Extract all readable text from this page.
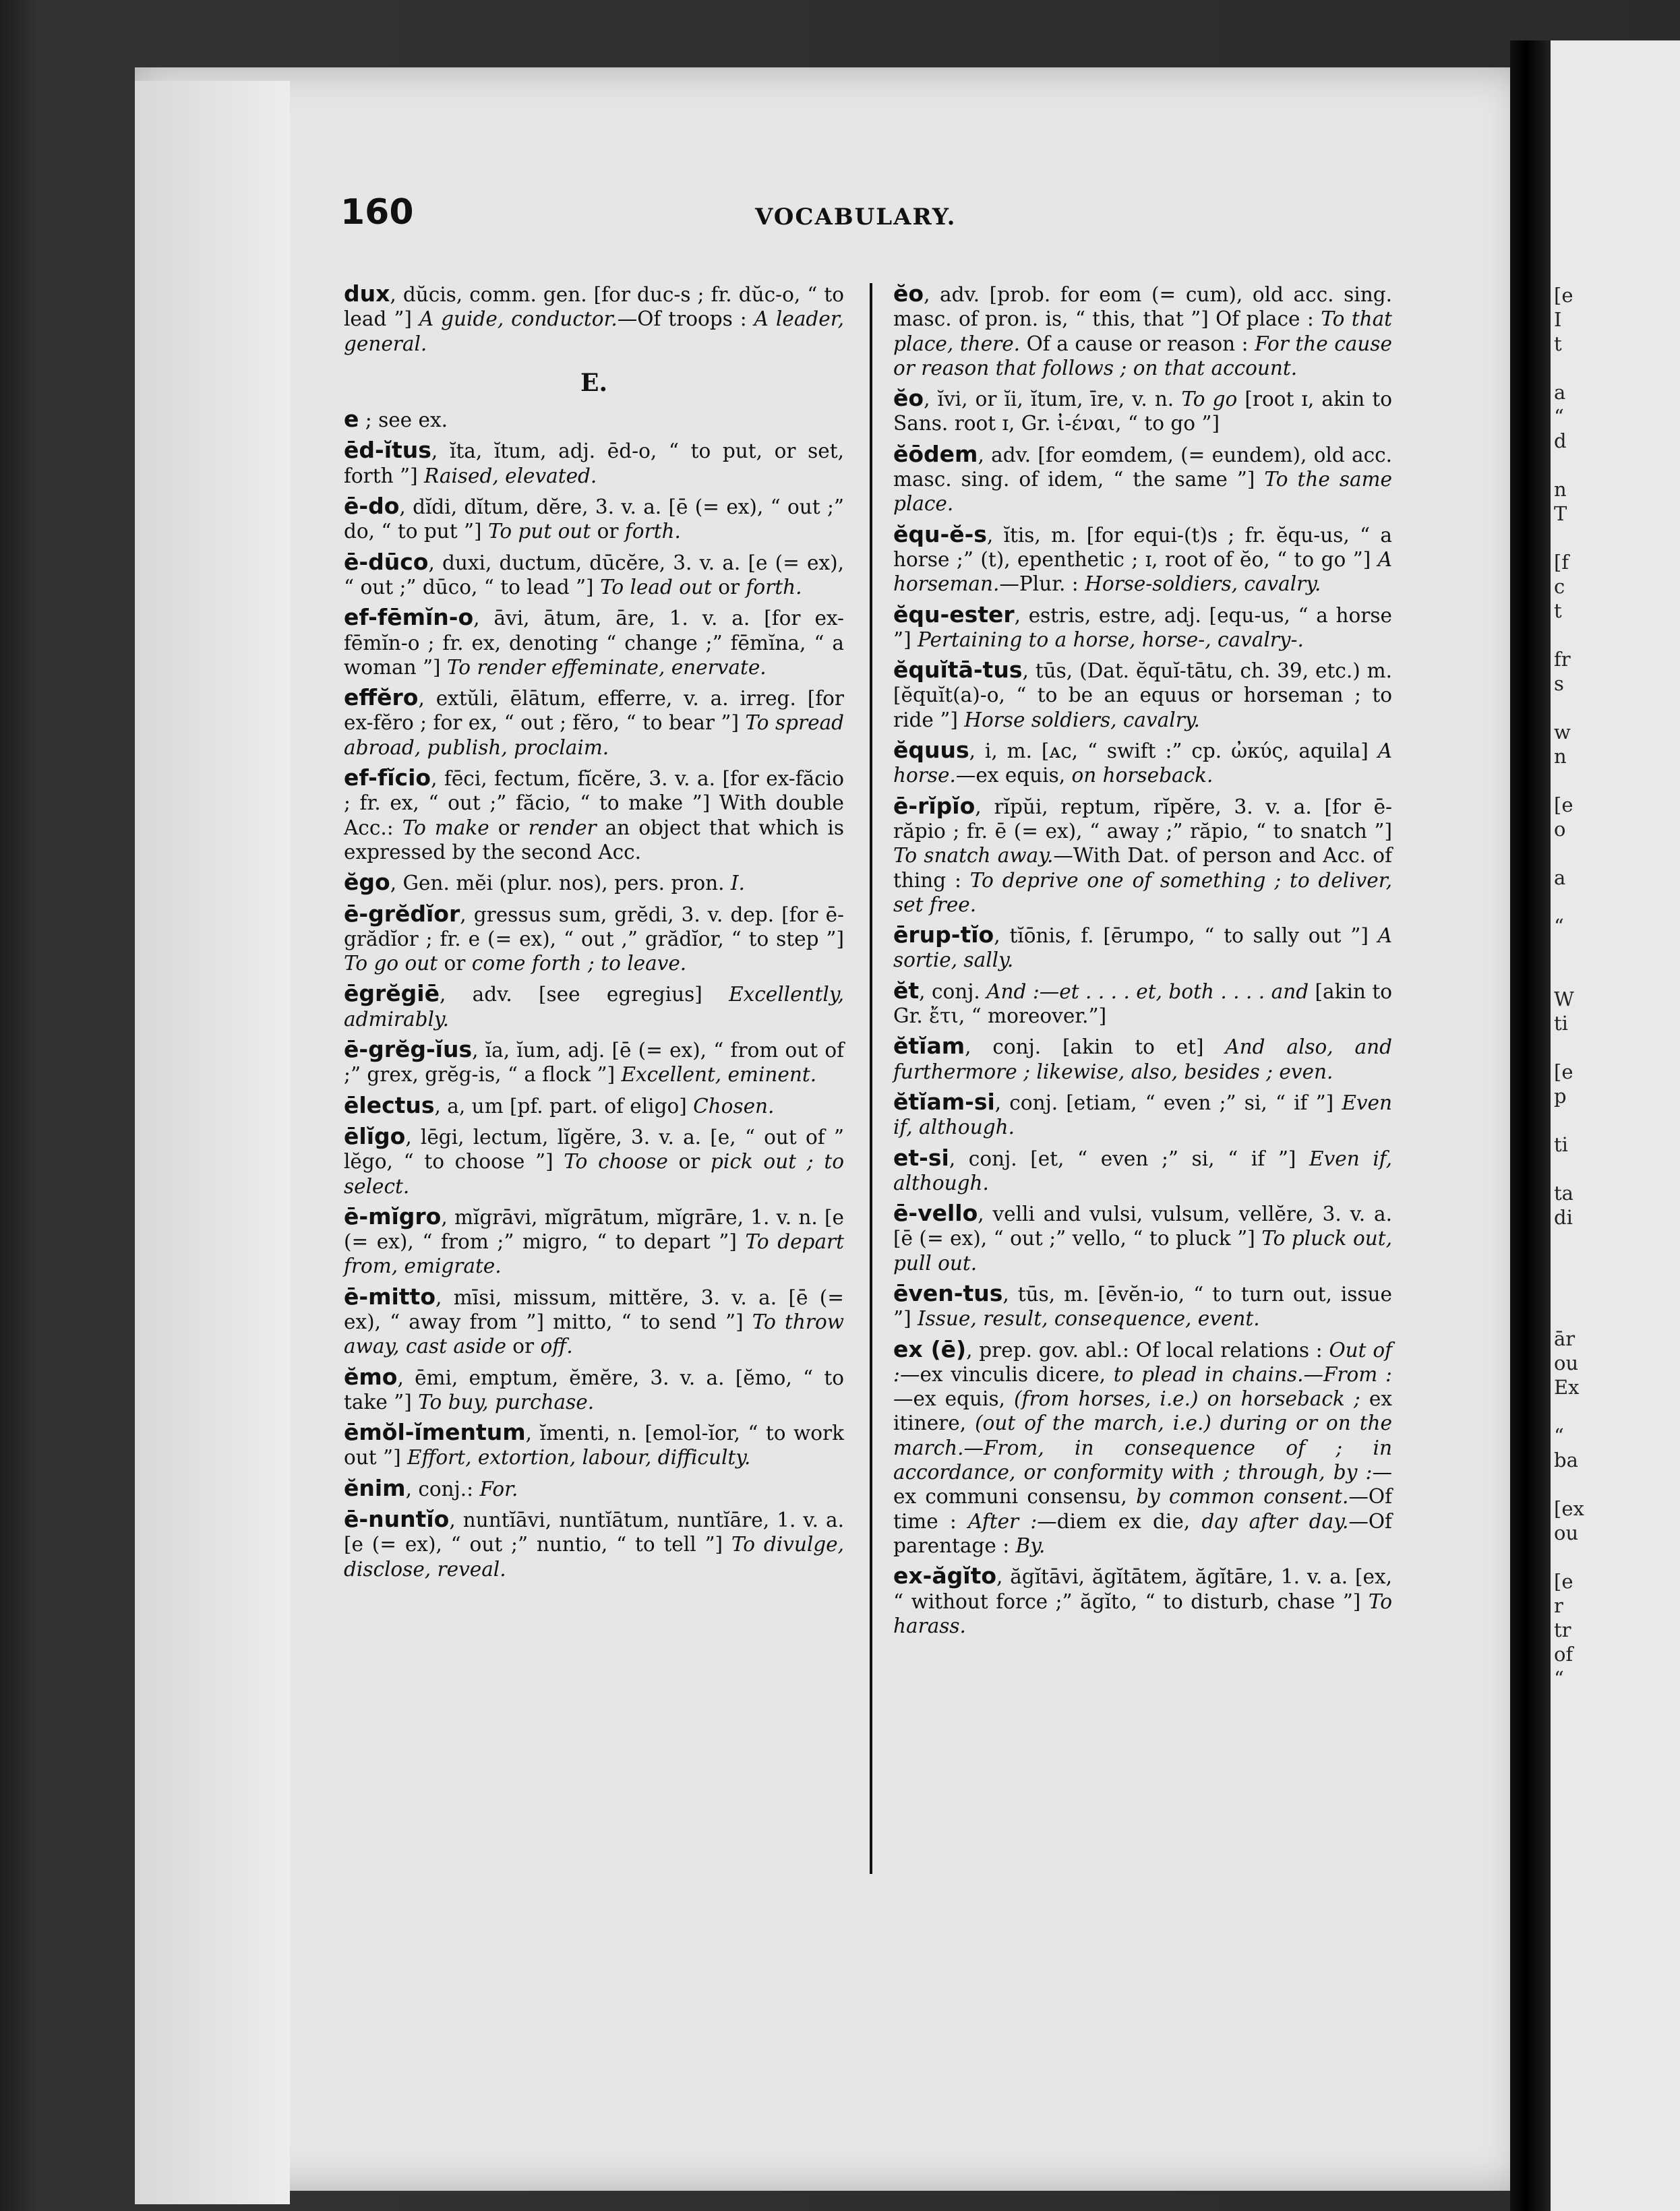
160	VOCABULARY.
dux, dŭcis, comm. gen. [for duc-s ; fr. dŭc-o, “ to lead ”] A guide, conductor.—Of troops : A leader, general.
E.
e ; see ex.
ēd-ĭtus, ĭta, ĭtum, adj. ēd-o, “ to put, or set, forth ”] Raised, elevated.
ē-do, dĭdi, dĭtum, dĕre, 3. v. a. [ē (= ex), “ out ;” do, “ to put ”] To put out or forth.
ē-dūco, duxi, ductum, dūcĕre, 3. v. a. [e (= ex), “ out ;” dūco, “ to lead ”] To lead out or forth.
ef-fēmĭn-o, āvi, ātum, āre, 1. v. a. [for ex-fēmĭn-o ; fr. ex, denoting “ change ;” fēmĭna, “ a woman ”] To render effeminate, enervate.
effĕro, extŭli, ēlātum, efferre, v. a. irreg. [for ex-fĕro ; for ex, “ out ; fĕro, “ to bear ”] To spread abroad, publish, proclaim.
ef-fĭcio, fēci, fectum, fĭcĕre, 3. v. a. [for ex-făcio ; fr. ex, “ out ;” făcio, “ to make ”] With double Acc.: To make or render an object that which is expressed by the second Acc.
ĕgo, Gen. mĕi (plur. nos), pers. pron. I.
ē-grĕdĭor, gressus sum, grĕdi, 3. v. dep. [for ē-grădĭor ; fr. e (= ex), “ out ,” grădĭor, “ to step ”] To go out or come forth ; to leave.
ēgrĕgiē, adv. [see egregius] Excellently, admirably.
ē-grĕg-ĭus, ĭa, ĭum, adj. [ē (= ex), “ from out of ;” grex, grĕg-is, “ a flock ”] Excellent, eminent.
ēlectus, a, um [pf. part. of eligo] Chosen.
ēlĭgo, lēgi, lectum, lĭgĕre, 3. v. a. [e, “ out of ” lĕgo, “ to choose ”] To choose or pick out ; to select.
ē-mĭgro, mĭgrāvi, mĭgrātum, mĭgrāre, 1. v. n. [e (= ex), “ from ;” migro, “ to depart ”] To depart from, emigrate.
ē-mitto, mīsi, missum, mittĕre, 3. v. a. [ē (= ex), “ away from ”] mitto, “ to send ”] To throw away, cast aside or off.
ĕmo, ēmi, emptum, ĕmĕre, 3. v. a. [ĕmo, “ to take ”] To buy, purchase.
ēmŏl-ĭmentum, ĭmenti, n. [emol-ĭor, “ to work out ”] Effort, extortion, labour, difficulty.
ĕnim, conj.: For.
ē-nuntĭo, nuntĭāvi, nuntĭātum, nuntĭāre, 1. v. a. [e (= ex), “ out ;” nuntio, “ to tell ”] To divulge, disclose, reveal.
ĕo, adv. [prob. for eom (= cum), old acc. sing. masc. of pron. is, “ this, that ”] Of place : To that place, there. Of a cause or reason : For the cause or reason that follows ; on that account.
ĕo, ĭvi, or ĭi, ĭtum, īre, v. n. To go [root ɪ, akin to Sans. root ɪ, Gr. ἰ-έναι, “ to go ”]
ĕōdem, adv. [for eomdem, (= eundem), old acc. masc. sing. of idem, “ the same ”] To the same place.
ĕqu-ĕ-s, ĭtis, m. [for equi-(t)s ; fr. ĕqu-us, “ a horse ;” (t), epenthetic ; ɪ, root of ĕo, “ to go ”] A horseman.—Plur. : Horse-soldiers, cavalry.
ĕqu-ester, estris, estre, adj. [equ-us, “ a horse ”] Pertaining to a horse, horse-, cavalry-.
ĕquĭtā-tus, tūs, (Dat. ĕquĭ-tātu, ch. 39, etc.) m. [ĕquĭt(a)-o, “ to be an equus or horseman ; to ride ”] Horse soldiers, cavalry.
ĕquus, i, m. [ᴀᴄ, “ swift :” cp. ὠκύς, aquila] A horse.—ex equis, on horseback.
ē-rĭpĭo, rĭpŭi, reptum, rĭpĕre, 3. v. a. [for ē-răpio ; fr. ē (= ex), “ away ;” răpio, “ to snatch ”] To snatch away.—With Dat. of person and Acc. of thing : To deprive one of something ; to deliver, set free.
ērup-tĭo, tĭōnis, f. [ērumpo, “ to sally out ”] A sortie, sally.
ĕt, conj. And :—et . . . . et, both . . . . and [akin to Gr. ἔτι, “ moreover.”]
ĕtĭam, conj. [akin to et] And also, and furthermore ; likewise, also, besides ; even.
ĕtĭam-si, conj. [etiam, “ even ;” si, “ if ”] Even if, although.
et-si, conj. [et, “ even ;” si, “ if ”] Even if, although.
ē-vello, velli and vulsi, vulsum, vellĕre, 3. v. a. [ē (= ex), “ out ;” vello, “ to pluck ”] To pluck out, pull out.
ēven-tus, tūs, m. [ēvĕn-io, “ to turn out, issue ”] Issue, result, consequence, event.
ex (ē), prep. gov. abl.: Of local relations : Out of :—ex vinculis dicere, to plead in chains.—From :—ex equis, (from horses, i.e.) on horseback ; ex itinere, (out of the march, i.e.) during or on the march.—From, in consequence of ; in accordance, or conformity with ; through, by :—ex communi consensu, by common consent.—Of time : After :—diem ex die, day after day.—Of parentage : By.
ex-ăgĭto, ăgĭtāvi, ăgĭtātem, ăgĭtāre, 1. v. a. [ex, “ without force ;” ăgĭto, “ to disturb, chase ”] To harass.
[e
I
t

a
“
d

n
T

[f
c
t

fr
s

w
n

[e
o

a

“

W
ti

[e
p

ti

ta
di

ār
ou
Ex

“
ba

[ex
ou

[e
r
tr
of
“
